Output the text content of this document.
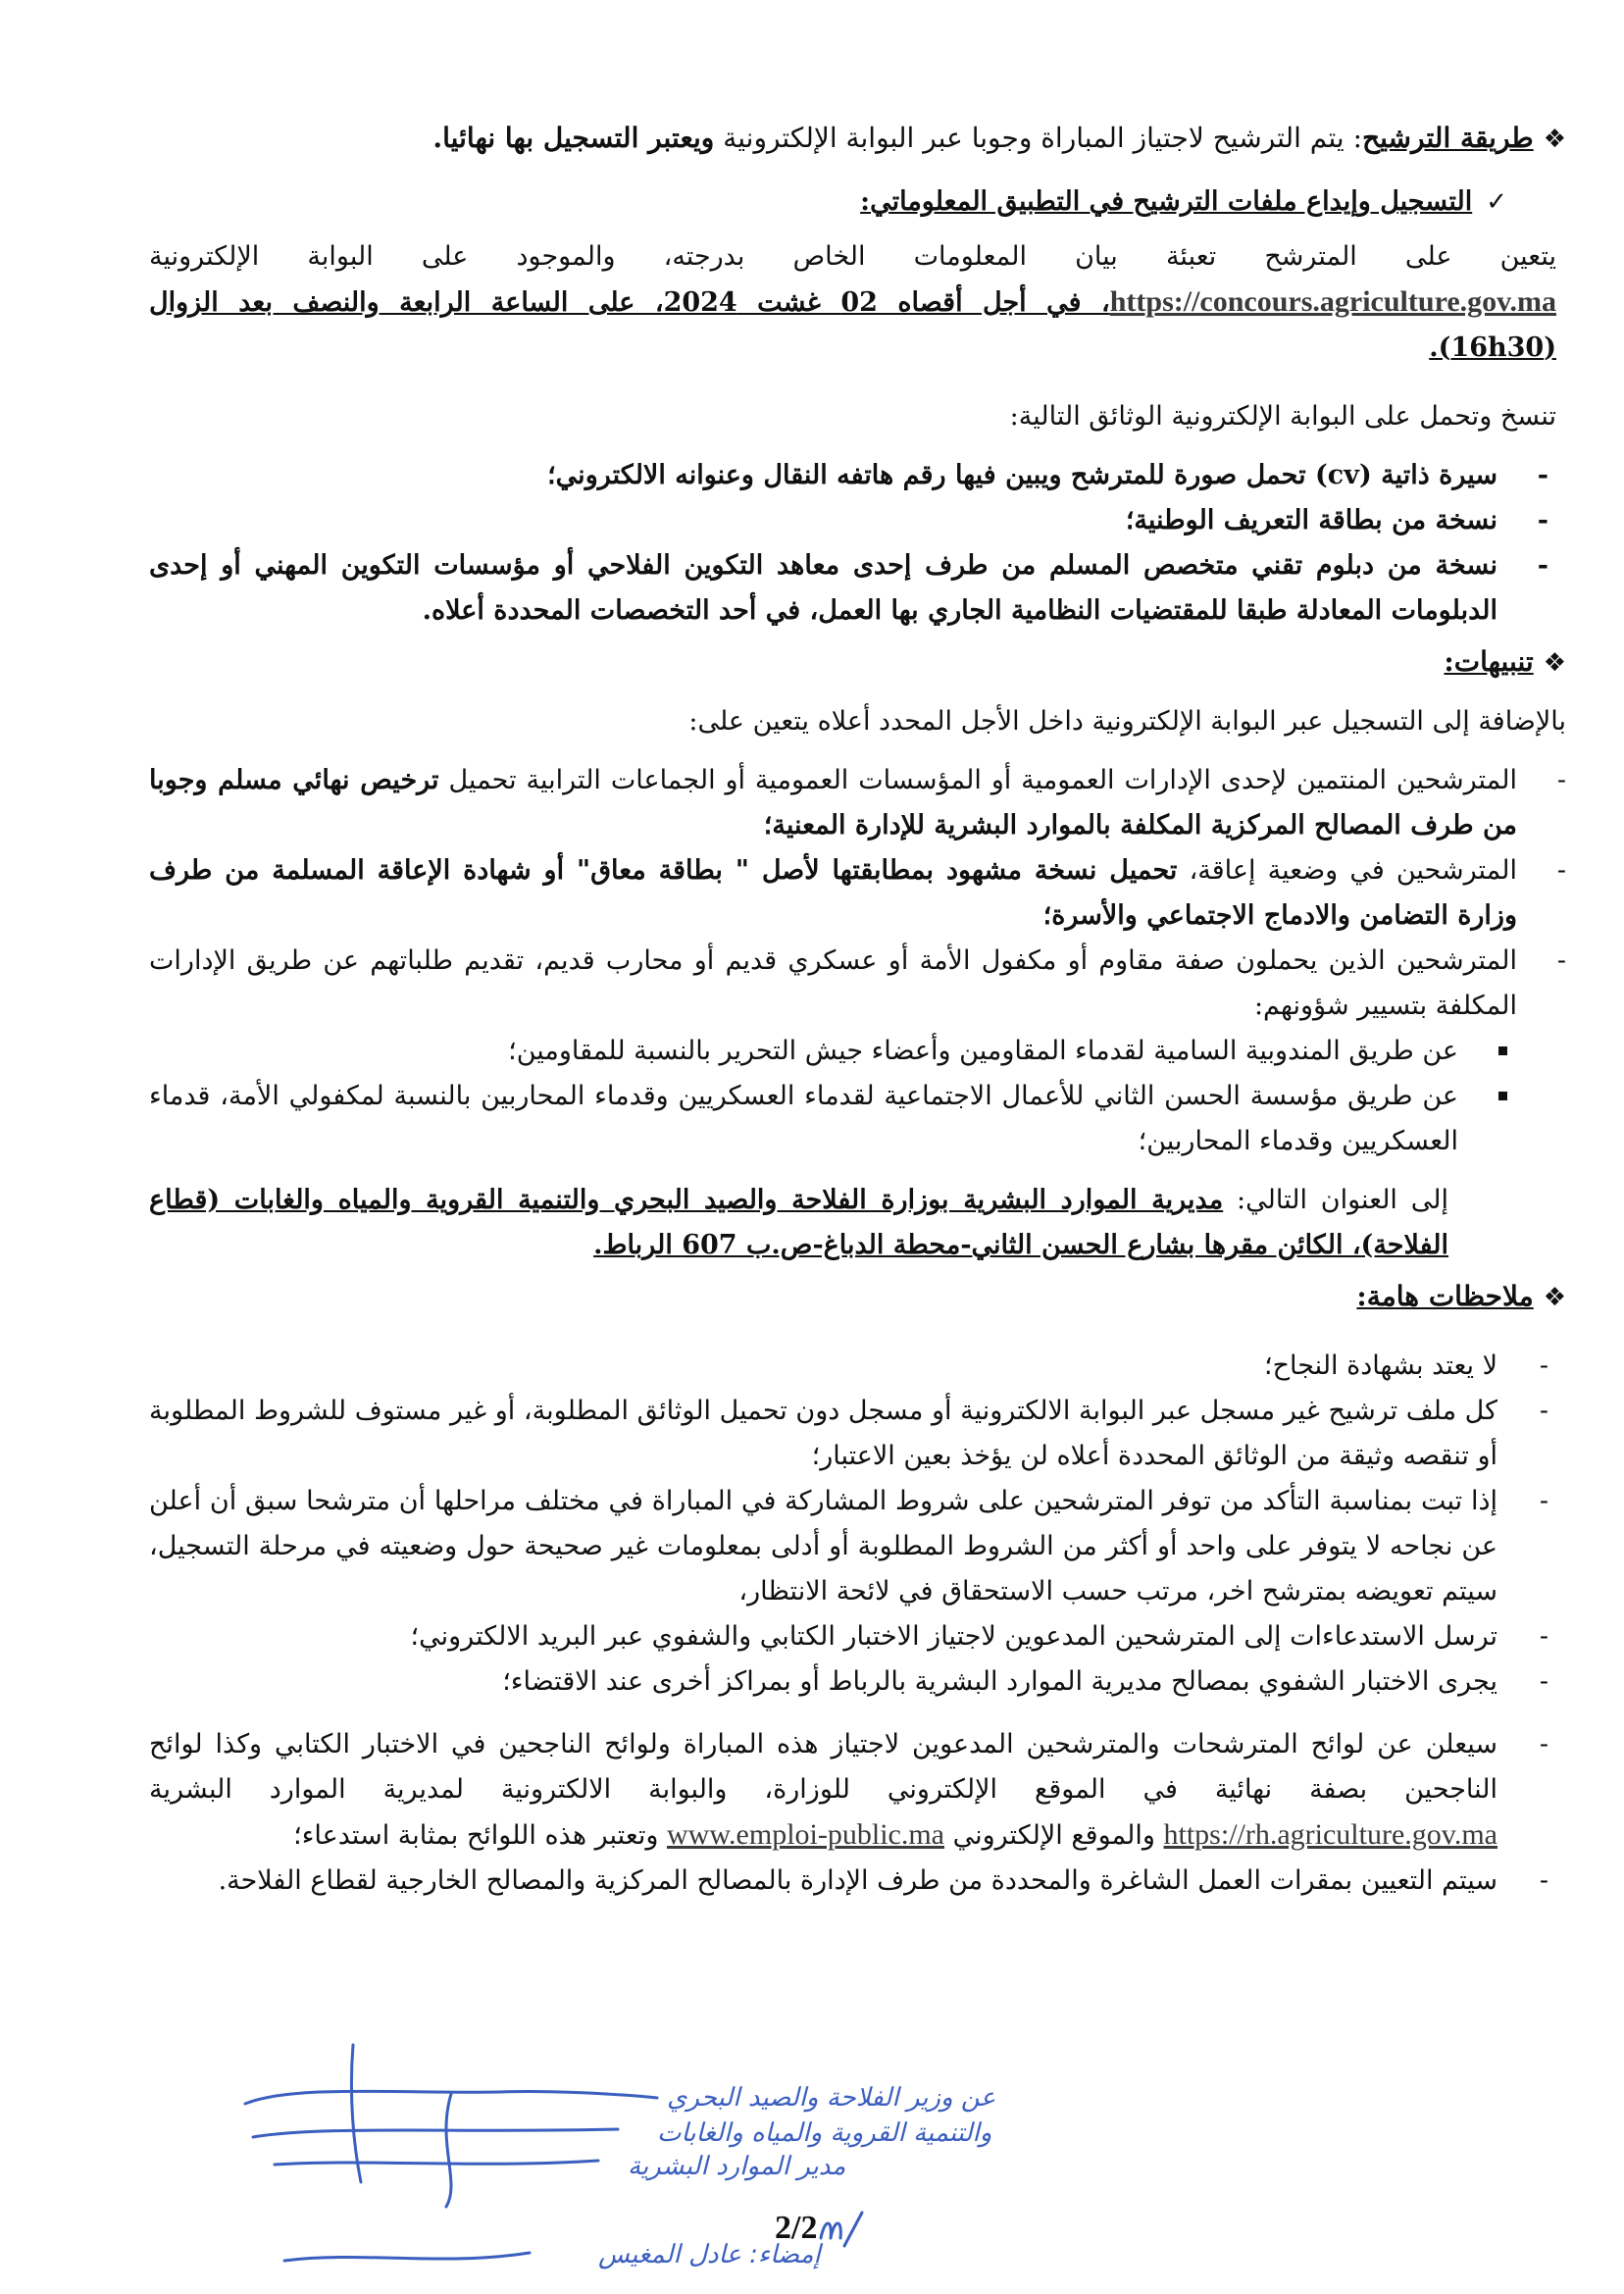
❖
طريقة الترشيح: يتم الترشيح لاجتياز المباراة وجوبا عبر البوابة الإلكترونية ويعتبر التسجيل بها نهائيا.

✓
التسجيل وإيداع ملفات الترشيح في التطبيق المعلوماتي:

يتعين على المترشح تعبئة بيان المعلومات الخاص بدرجته، والموجود على البوابة الإلكترونية https://concours.agriculture.gov.ma، في أجل أقصاه 02 غشت 2024، على الساعة الرابعة والنصف بعد الزوال (16h30).

تنسخ وتحمل على البوابة الإلكترونية الوثائق التالية:

-
سيرة ذاتية (cv) تحمل صورة للمترشح ويبين فيها رقم هاتفه النقال وعنوانه الالكتروني؛
-
نسخة من بطاقة التعريف الوطنية؛
-
نسخة من دبلوم تقني متخصص المسلم من طرف إحدى معاهد التكوين الفلاحي أو مؤسسات التكوين المهني أو إحدى الدبلومات المعادلة طبقا للمقتضيات النظامية الجاري بها العمل، في أحد التخصصات المحددة أعلاه.

❖
تنبيهات:

بالإضافة إلى التسجيل عبر البوابة الإلكترونية داخل الأجل المحدد أعلاه يتعين على:

-
المترشحين المنتمين لإحدى الإدارات العمومية أو المؤسسات العمومية أو الجماعات الترابية تحميل ترخيص نهائي مسلم وجوبا من طرف المصالح المركزية المكلفة بالموارد البشرية للإدارة المعنية؛
-
المترشحين في وضعية إعاقة، تحميل نسخة مشهود بمطابقتها لأصل " بطاقة معاق" أو شهادة الإعاقة المسلمة من طرف وزارة التضامن والادماج الاجتماعي والأسرة؛
-
المترشحين الذين يحملون صفة مقاوم أو مكفول الأمة أو عسكري قديم أو محارب قديم، تقديم طلباتهم عن طريق الإدارات المكلفة بتسيير شؤونهم:
عن طريق المندوبية السامية لقدماء المقاومين وأعضاء جيش التحرير بالنسبة للمقاومين؛
عن طريق مؤسسة الحسن الثاني للأعمال الاجتماعية لقدماء العسكريين وقدماء المحاربين بالنسبة لمكفولي الأمة، قدماء العسكريين وقدماء المحاربين؛

إلى العنوان التالي: مديرية الموارد البشرية بوزارة الفلاحة والصيد البحري والتنمية القروية والمياه والغابات (قطاع الفلاحة)، الكائن مقرها بشارع الحسن الثاني-محطة الدباغ-ص.ب 607 الرباط.

❖
ملاحظات هامة:

-
لا يعتد بشهادة النجاح؛
-
كل ملف ترشيح غير مسجل عبر البوابة الالكترونية أو مسجل دون تحميل الوثائق المطلوبة، أو غير مستوف للشروط المطلوبة أو تنقصه وثيقة من الوثائق المحددة أعلاه لن يؤخذ بعين الاعتبار؛
-
إذا تبت بمناسبة التأكد من توفر المترشحين على شروط المشاركة في المباراة في مختلف مراحلها أن مترشحا سبق أن أعلن عن نجاحه لا يتوفر على واحد أو أكثر من الشروط المطلوبة أو أدلى بمعلومات غير صحيحة حول وضعيته في مرحلة التسجيل، سيتم تعويضه بمترشح اخر، مرتب حسب الاستحقاق في لائحة الانتظار،
-
ترسل الاستدعاءات إلى المترشحين المدعوين لاجتياز الاختبار الكتابي والشفوي عبر البريد الالكتروني؛
-
يجرى الاختبار الشفوي بمصالح مديرية الموارد البشرية بالرباط أو بمراكز أخرى عند الاقتضاء؛
-
سيعلن عن لوائح المترشحات والمترشحين المدعوين لاجتياز هذه المباراة ولوائح الناجحين في الاختبار الكتابي وكذا لوائح الناجحين بصفة نهائية في الموقع الإلكتروني للوزارة، والبوابة الالكترونية لمديرية الموارد البشرية https://rh.agriculture.gov.ma والموقع الإلكتروني www.emploi-public.ma وتعتبر هذه اللوائح بمثابة استدعاء؛
-
سيتم التعيين بمقرات العمل الشاغرة والمحددة من طرف الإدارة بالمصالح المركزية والمصالح الخارجية لقطاع الفلاحة.
عن وزير الفلاحة والصيد البحري
والتنمية القروية والمياه والغابات
مدير الموارد البشرية
إمضاء: عادل المغيس
2/2
